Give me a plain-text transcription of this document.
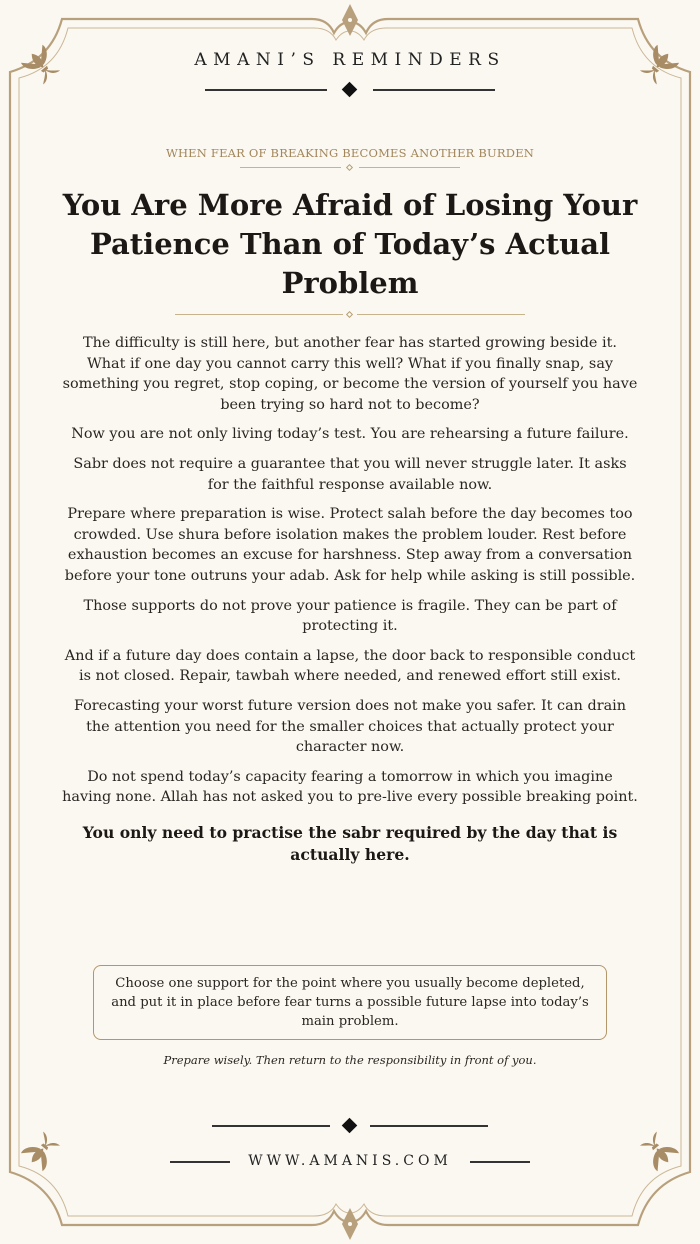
AMANI’S REMINDERS
WHEN FEAR OF BREAKING BECOMES ANOTHER BURDEN
You Are More Afraid of Losing Your Patience Than of Today’s Actual Problem

The difficulty is still here, but another fear has started growing beside it. What if one day you cannot carry this well? What if you finally snap, say something you regret, stop coping, or become the version of yourself you have been trying so hard not to become?

Now you are not only living today’s test. You are rehearsing a future failure.

Sabr does not require a guarantee that you will never struggle later. It asks for the faithful response available now.

Prepare where preparation is wise. Protect salah before the day becomes too crowded. Use shura before isolation makes the problem louder. Rest before exhaustion becomes an excuse for harshness. Step away from a conversation before your tone outruns your adab. Ask for help while asking is still possible.

Those supports do not prove your patience is fragile. They can be part of protecting it.

And if a future day does contain a lapse, the door back to responsible conduct is not closed. Repair, tawbah where needed, and renewed effort still exist.

Forecasting your worst future version does not make you safer. It can drain the attention you need for the smaller choices that actually protect your character now.

Do not spend today’s capacity fearing a tomorrow in which you imagine having none. Allah has not asked you to pre-live every possible breaking point.

You only need to practise the sabr required by the day that is actually here.

Choose one support for the point where you usually become depleted, and put it in place before fear turns a possible future lapse into today’s main problem.
Prepare wisely. Then return to the responsibility in front of you.
WWW.AMANIS.COM
